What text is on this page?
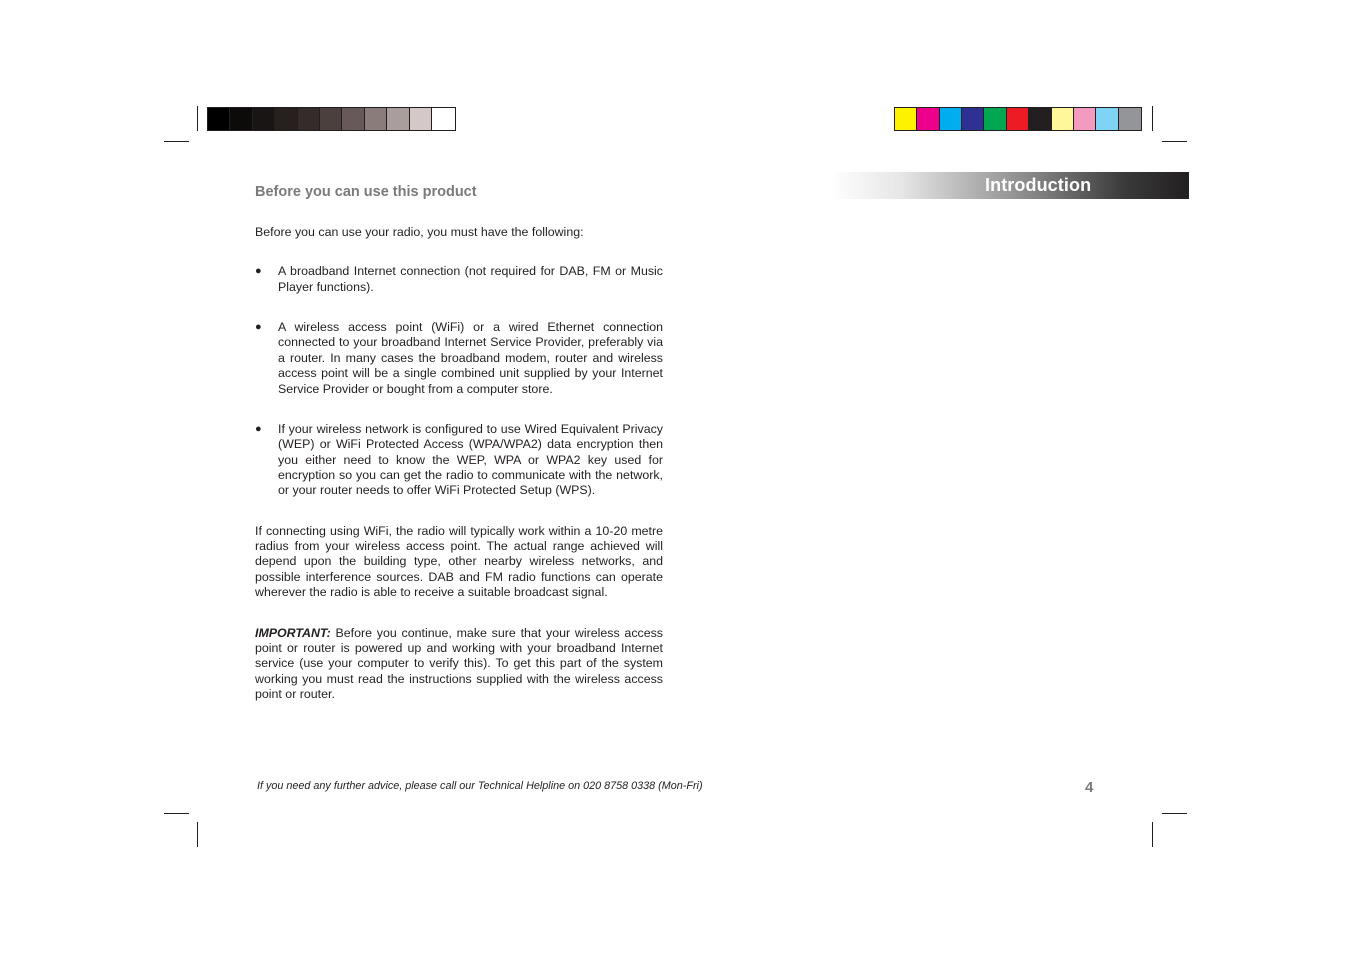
Introduction
Before you can use this product

Before you can use your radio, you must have the following:

● A broadband Internet connection (not required for DAB, FM or Music Player functions).
● A wireless access point (WiFi) or a wired Ethernet connection connected to your broadband Internet Service Provider, preferably via a router. In many cases the broadband modem, router and wireless access point will be a single combined unit supplied by your Internet Service Provider or bought from a computer store.
● If your wireless network is configured to use Wired Equivalent Privacy (WEP) or WiFi Protected Access (WPA/WPA2) data encryption then you either need to know the WEP, WPA or WPA2 key used for encryption so you can get the radio to communicate with the network, or your router needs to offer WiFi Protected Setup (WPS).

If connecting using WiFi, the radio will typically work within a 10-20 metre radius from your wireless access point. The actual range achieved will depend upon the building type, other nearby wireless networks, and possible interference sources. DAB and FM radio functions can operate wherever the radio is able to receive a suitable broadcast signal.

IMPORTANT: Before you continue, make sure that your wireless access point or router is powered up and working with your broadband Internet service (use your computer to verify this). To get this part of the system working you must read the instructions supplied with the wireless access point or router.

If you need any further advice, please call our Technical Helpline on 020 8758 0338 (Mon-Fri)	4
